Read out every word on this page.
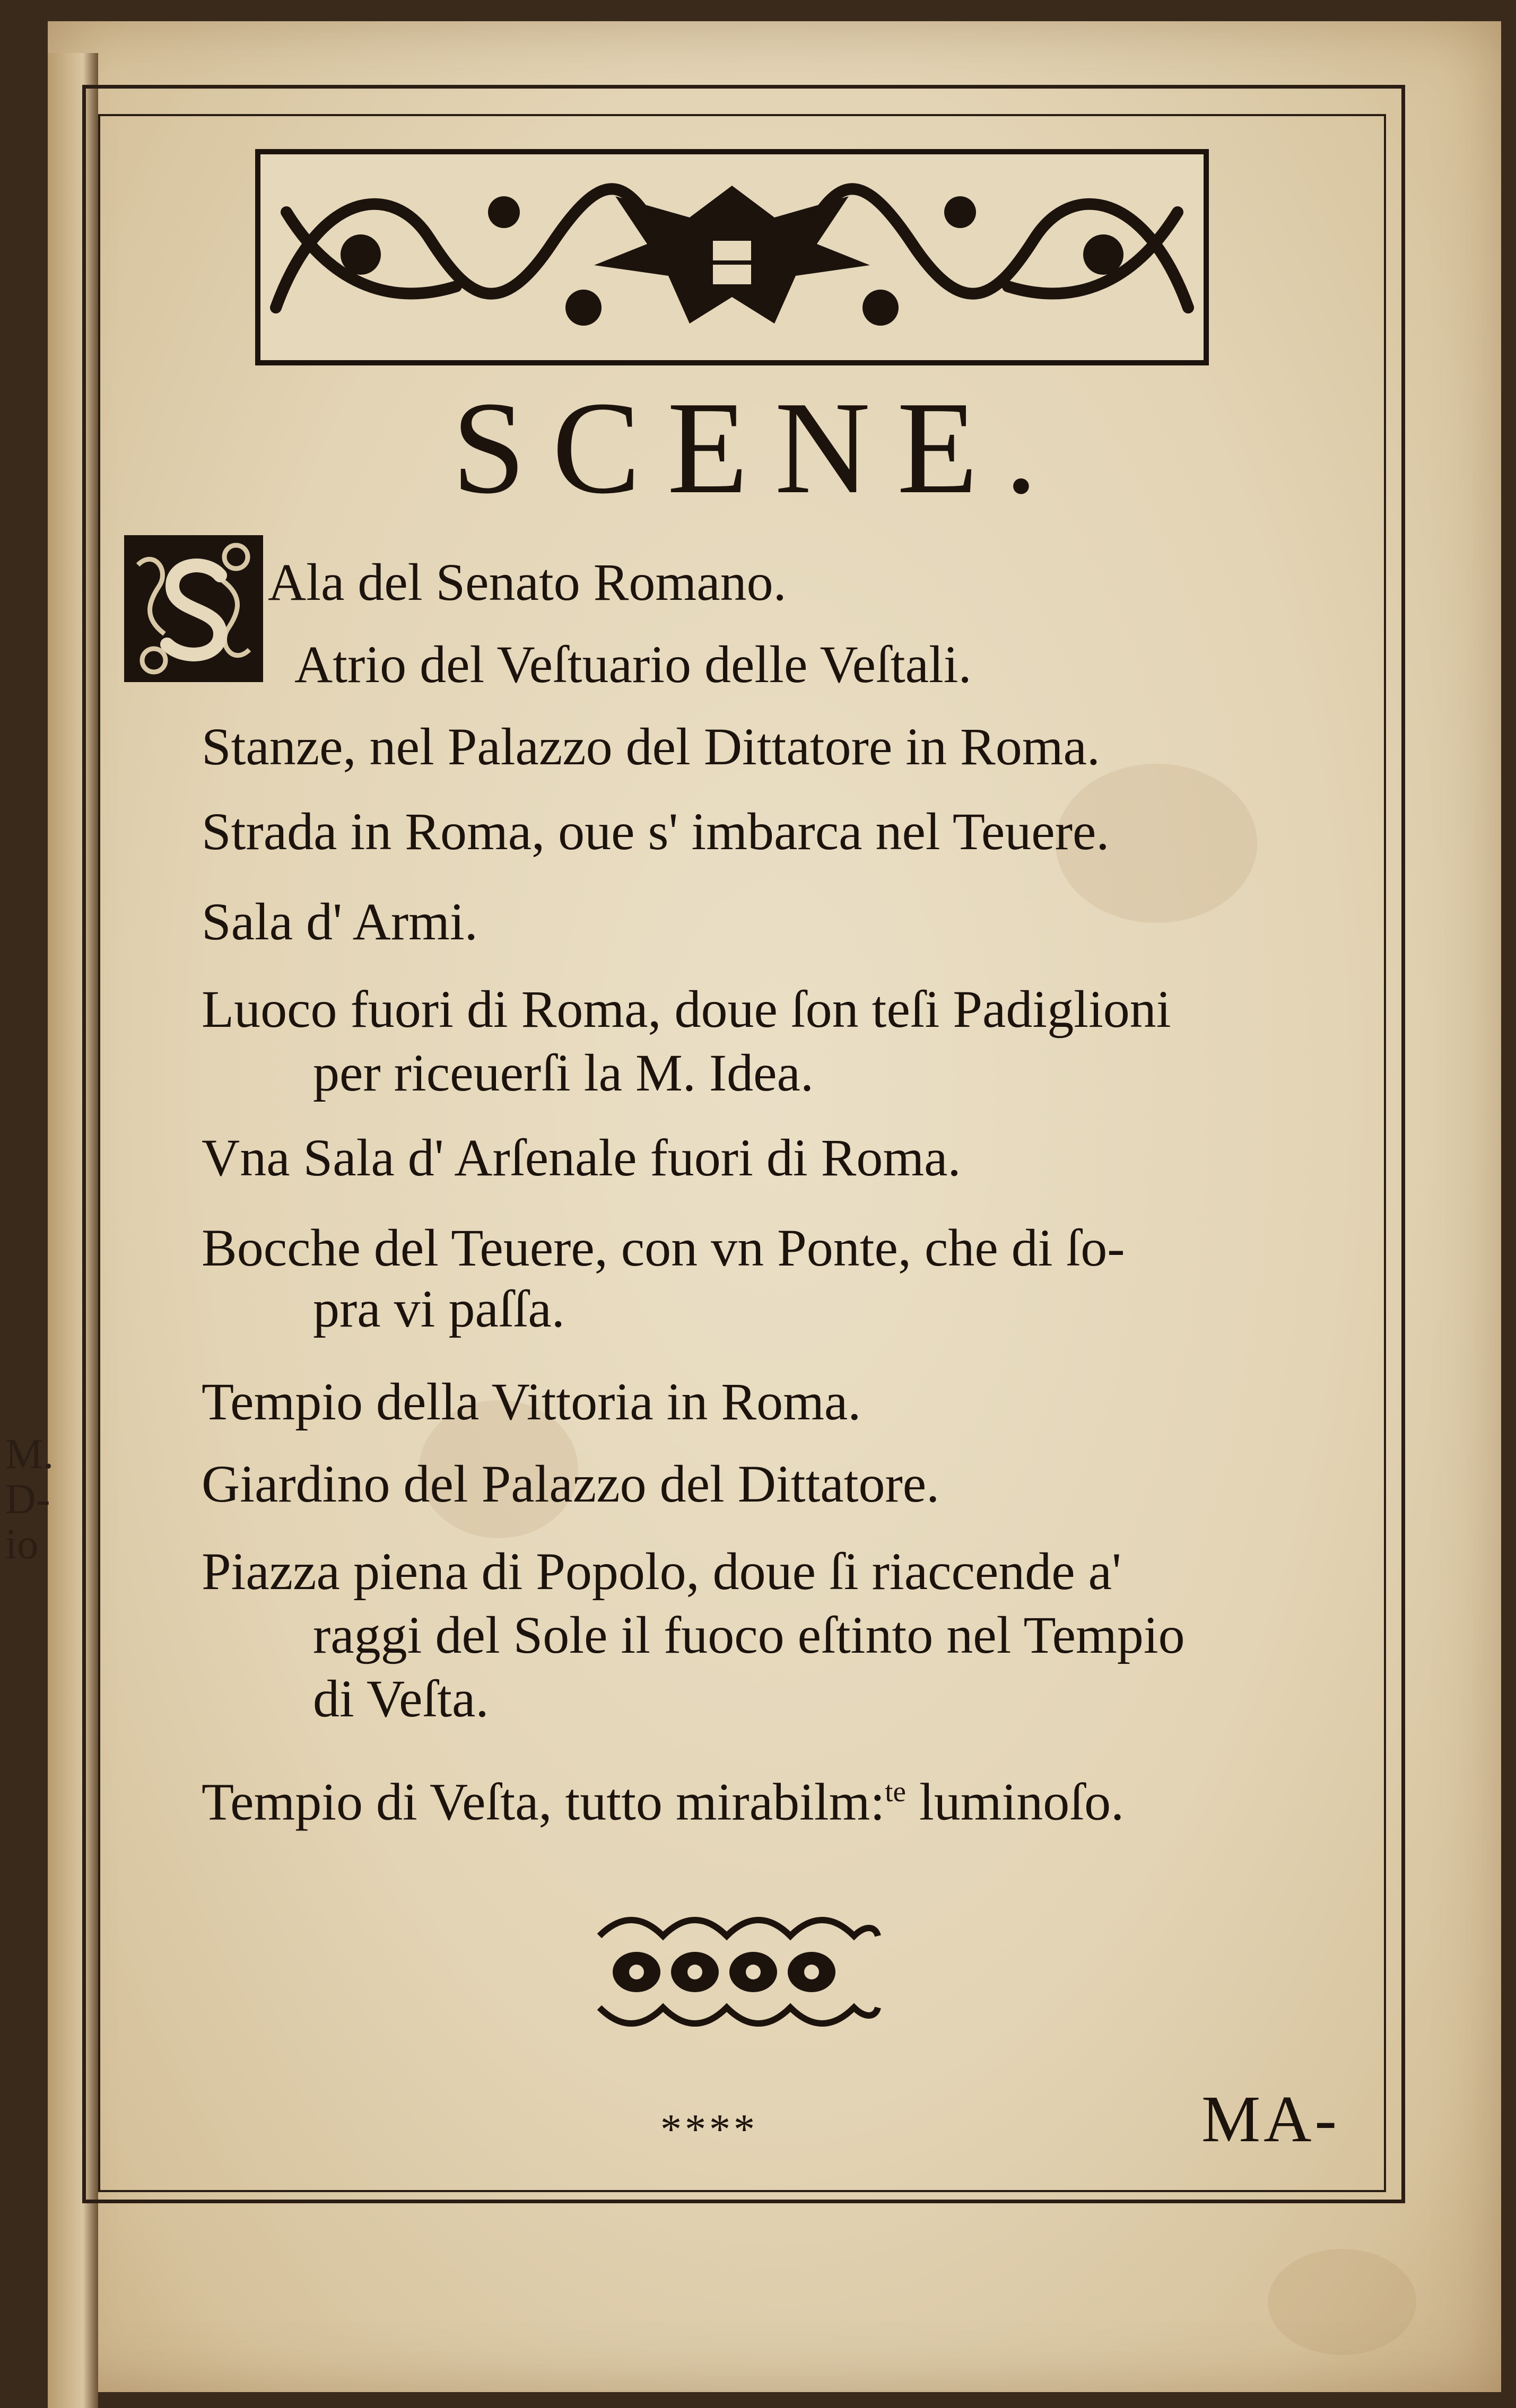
M.
D-
io
SCENE.
S
Ala del Senato Romano.
Atrio del Veſtuario delle Veſtali.
Stanze, nel Palazzo del Dittatore in Roma.
Strada in Roma, oue s' imbarca nel Teuere.
Sala d' Armi.
Luoco fuori di Roma, doue ſon teſi Padiglioni
per riceuerſi la M. Idea.
Vna Sala d' Arſenale fuori di Roma.
Bocche del Teuere, con vn Ponte, che di ſo-
pra vi paſſa.
Tempio della Vittoria in Roma.
Giardino del Palazzo del Dittatore.
Piazza piena di Popolo, doue ſi riaccende a'
raggi del Sole il fuoco eſtinto nel Tempio
di Veſta.
Tempio di Veſta, tutto mirabilm:$^{te}$ luminoſo.
****	MA-
